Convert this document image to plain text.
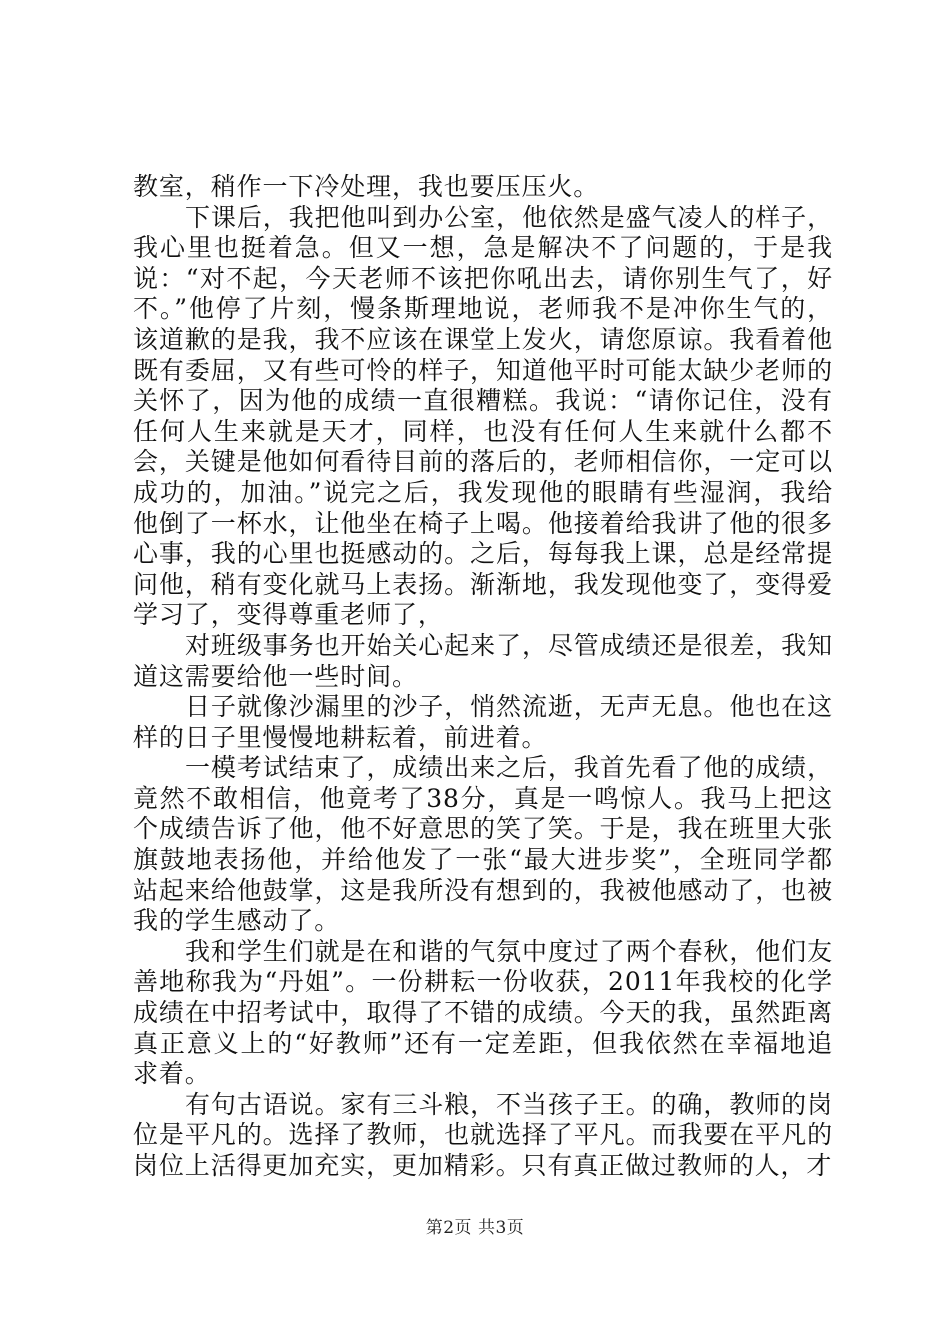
教室，稍作一下冷处理，我也要压压火。

下课后，我把他叫到办公室，他依然是盛气凌人的样子，我心里也挺着急。但又一想，急是解决不了问题的，于是我说：“对不起，今天老师不该把你吼出去，请你别生气了，好不。”他停了片刻，慢条斯理地说，老师我不是冲你生气的，该道歉的是我，我不应该在课堂上发火，请您原谅。我看着他既有委屈，又有些可怜的样子，知道他平时可能太缺少老师的关怀了，因为他的成绩一直很糟糕。我说：“请你记住，没有任何人生来就是天才，同样，也没有任何人生来就什么都不会，关键是他如何看待目前的落后的，老师相信你，一定可以成功的，加油。”说完之后，我发现他的眼睛有些湿润，我给他倒了一杯水，让他坐在椅子上喝。他接着给我讲了他的很多心事，我的心里也挺感动的。之后，每每我上课，总是经常提问他，稍有变化就马上表扬。渐渐地，我发现他变了，变得爱学习了，变得尊重老师了，

对班级事务也开始关心起来了，尽管成绩还是很差，我知道这需要给他一些时间。

日子就像沙漏里的沙子，悄然流逝，无声无息。他也在这样的日子里慢慢地耕耘着，前进着。

一模考试结束了，成绩出来之后，我首先看了他的成绩，竟然不敢相信，他竟考了38分，真是一鸣惊人。我马上把这个成绩告诉了他，他不好意思的笑了笑。于是，我在班里大张旗鼓地表扬他，并给他发了一张“最大进步奖”，全班同学都站起来给他鼓掌，这是我所没有想到的，我被他感动了，也被我的学生感动了。

我和学生们就是在和谐的气氛中度过了两个春秋，他们友善地称我为“丹姐”。一份耕耘一份收获，2011年我校的化学成绩在中招考试中，取得了不错的成绩。今天的我，虽然距离真正意义上的“好教师”还有一定差距，但我依然在幸福地追求着。

有句古语说。家有三斗粮，不当孩子王。的确，教师的岗位是平凡的。选择了教师，也就选择了平凡。而我要在平凡的岗位上活得更加充实，更加精彩。只有真正做过教师的人，才

第2页 共3页
